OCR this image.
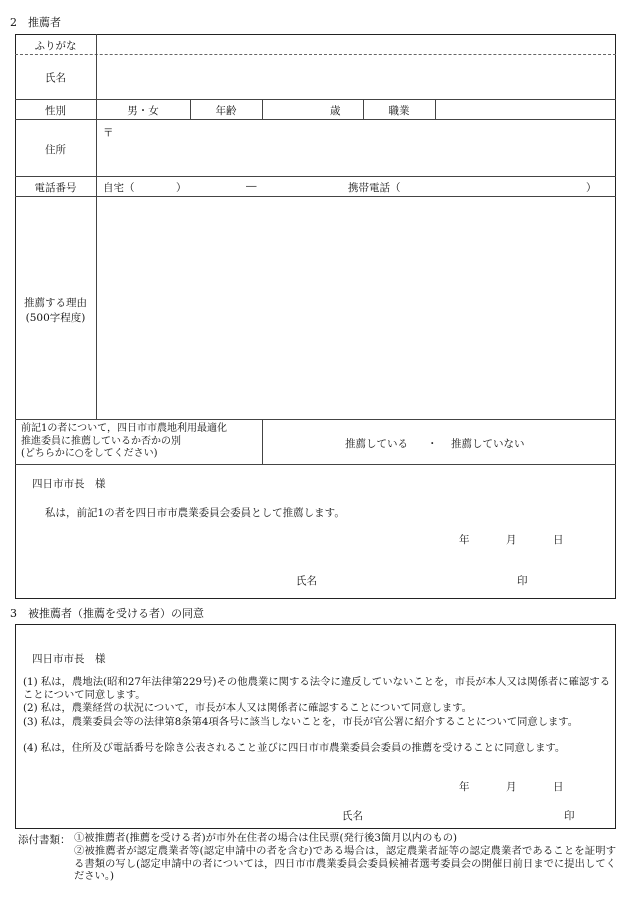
2　推薦者
ふりがな
氏名
性別	男・女	年齢	歳	職業
住所
〒
電話番号	自宅（	）	―	携帯電話（	）
推薦する理由
(500字程度)
前記1の者について，四日市市農地利用最適化
推進委員に推薦しているか否かの別
(どちらかに○をしてください)
推薦している ・ 推薦していない
四日市市長　様
私は，前記1の者を四日市市農業委員会委員として推薦します。
年	月	日
氏名	印
3　被推薦者（推薦を受ける者）の同意
四日市市長　様
(1) 私は，農地法(昭和27年法律第229号)その他農業に関する法令に違反していないことを，市長が本人又は関係者に確認することについて同意します。
(2) 私は，農業経営の状況について，市長が本人又は関係者に確認することについて同意します。
(3) 私は，農業委員会等の法律第8条第4項各号に該当しないことを，市長が官公署に紹介することについて同意します。
(4) 私は，住所及び電話番号を除き公表されること並びに四日市市農業委員会委員の推薦を受けることに同意します。
年	月	日
氏名	印
添付書類： ①被推薦者(推薦を受ける者)が市外在住者の場合は住民票(発行後3箇月以内のもの)
②被推薦者が認定農業者等(認定申請中の者を含む)である場合は，認定農業者証等の認定農業者であることを証明する書類の写し(認定申請中の者については，四日市市農業委員会委員候補者選考委員会の開催日前日までに提出してください。)
